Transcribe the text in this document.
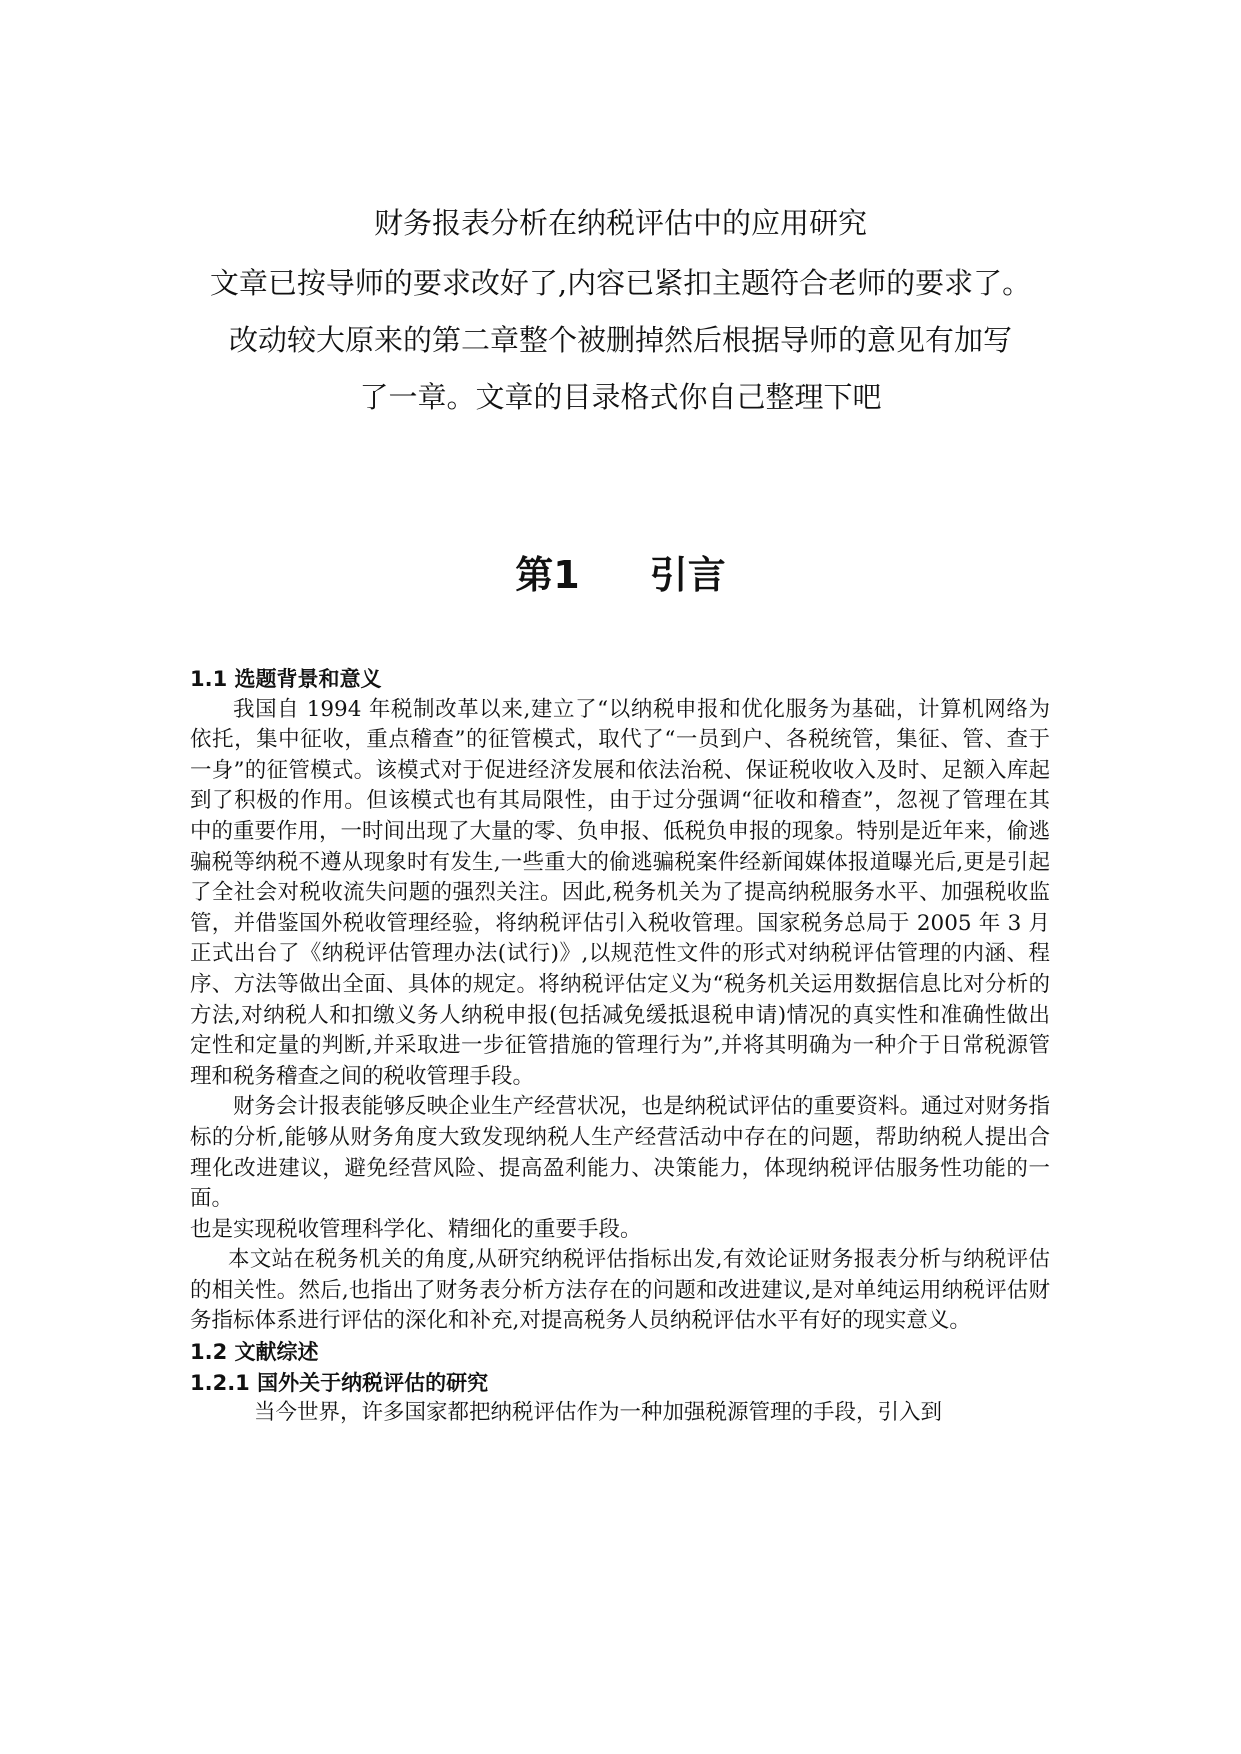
财务报表分析在纳税评估中的应用研究
文章已按导师的要求改好了,内容已紧扣主题符合老师的要求了。
改动较大原来的第二章整个被删掉然后根据导师的意见有加写
了一章。文章的目录格式你自己整理下吧
第1 引言

1.1 选题背景和意义

我国自 1994 年税制改革以来,建立了“以纳税申报和优化服务为基础，计算机网络为依托，集中征收，重点稽查”的征管模式，取代了“一员到户、各税统管，集征、管、查于一身”的征管模式。该模式对于促进经济发展和依法治税、保证税收收入及时、足额入库起到了积极的作用。但该模式也有其局限性，由于过分强调“征收和稽查”，忽视了管理在其中的重要作用，一时间出现了大量的零、负申报、低税负申报的现象。特别是近年来，偷逃骗税等纳税不遵从现象时有发生,一些重大的偷逃骗税案件经新闻媒体报道曝光后,更是引起了全社会对税收流失问题的强烈关注。因此,税务机关为了提高纳税服务水平、加强税收监管，并借鉴国外税收管理经验，将纳税评估引入税收管理。国家税务总局于 2005 年 3 月正式出台了《纳税评估管理办法(试行)》,以规范性文件的形式对纳税评估管理的内涵、程序、方法等做出全面、具体的规定。将纳税评估定义为“税务机关运用数据信息比对分析的方法,对纳税人和扣缴义务人纳税申报(包括减免缓抵退税申请)情况的真实性和准确性做出定性和定量的判断,并采取进一步征管措施的管理行为”,并将其明确为一种介于日常税源管理和税务稽查之间的税收管理手段。

财务会计报表能够反映企业生产经营状况，也是纳税试评估的重要资料。通过对财务指标的分析,能够从财务角度大致发现纳税人生产经营活动中存在的问题，帮助纳税人提出合理化改进建议，避免经营风险、提高盈利能力、决策能力，体现纳税评估服务性功能的一面。

也是实现税收管理科学化、精细化的重要手段。

本文站在税务机关的角度,从研究纳税评估指标出发,有效论证财务报表分析与纳税评估的相关性。然后,也指出了财务表分析方法存在的问题和改进建议,是对单纯运用纳税评估财务指标体系进行评估的深化和补充,对提高税务人员纳税评估水平有好的现实意义。

1.2 文献综述

1.2.1 国外关于纳税评估的研究

当今世界，许多国家都把纳税评估作为一种加强税源管理的手段，引入到
